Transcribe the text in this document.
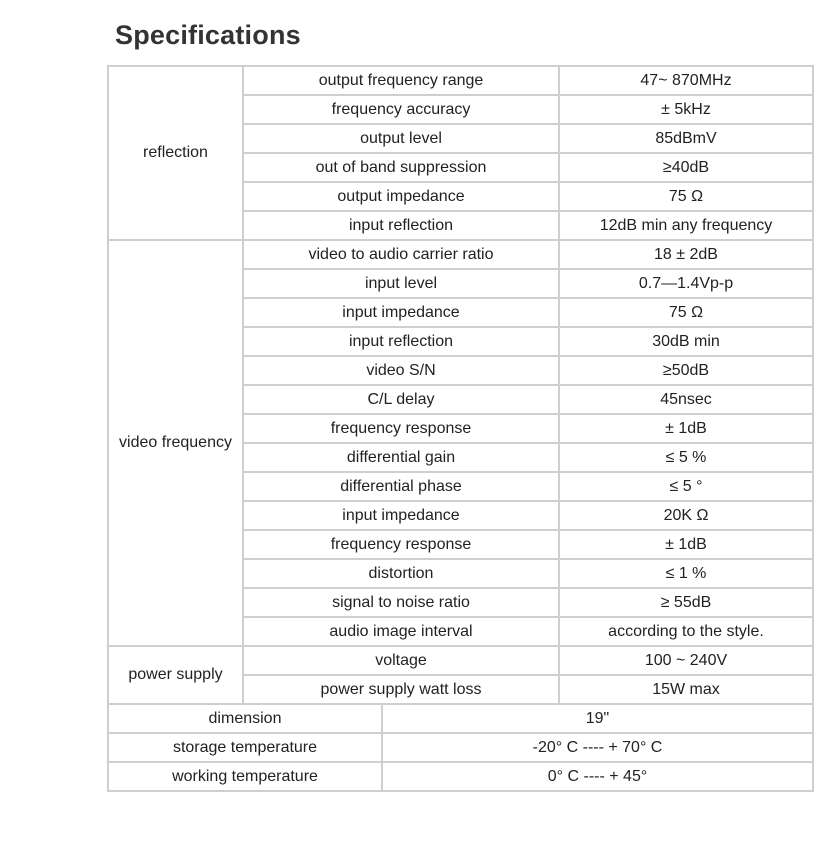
Specifications
reflection	output frequency range		47~ 870MHz
	frequency accuracy		± 5kHz
	output level		85dBmV
	out of band suppression		≥40dB
	output impedance		75 Ω
	input reflection		12dB min any frequency
video frequency	video to audio carrier ratio		18 ± 2dB
	input level		0.7—1.4Vp-p
	input impedance		75 Ω
	input reflection		30dB min
	video S/N		≥50dB
	C/L delay		45nsec
	frequency response		± 1dB
	differential gain		≤ 5 %
	differential phase		≤ 5 °
	input impedance		20K Ω
	frequency response		± 1dB
	distortion		≤ 1 %
	signal to noise ratio		≥ 55dB
	audio image interval		according to the style.
power supply	voltage		100 ~ 240V
	power supply watt loss		15W max
dimension		19"	
storage temperature		-20° C ---- + 70° C	
working temperature		0° C ---- + 45°	
